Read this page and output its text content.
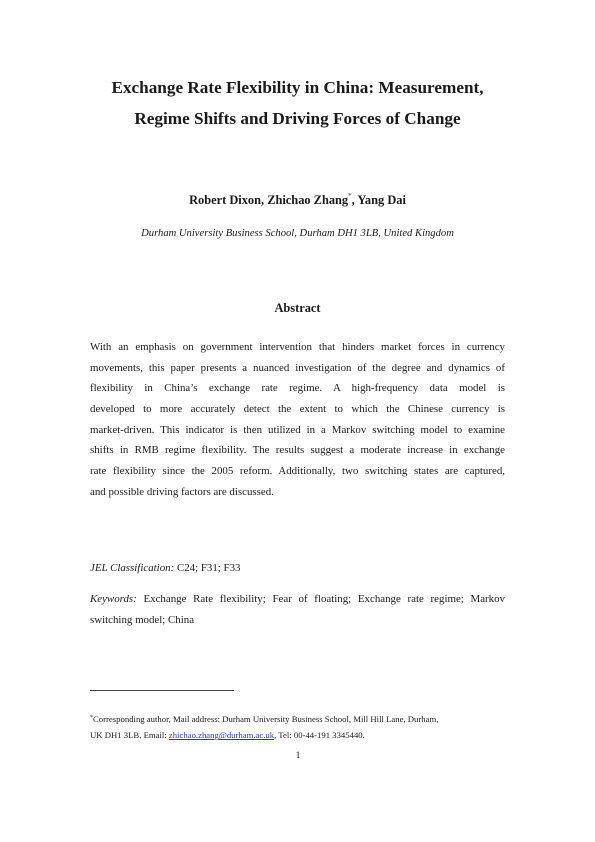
Exchange Rate Flexibility in China: Measurement,
Regime Shifts and Driving Forces of Change
Robert Dixon, Zhichao Zhang*, Yang Dai
Durham University Business School, Durham DH1 3LB, United Kingdom
Abstract
With an emphasis on government intervention that hinders market forces in currency
movements, this paper presents a nuanced investigation of the degree and dynamics of
flexibility in China’s exchange rate regime. A high-frequency data model is
developed to more accurately detect the extent to which the Chinese currency is
market-driven. This indicator is then utilized in a Markov switching model to examine
shifts in RMB regime flexibility. The results suggest a moderate increase in exchange
rate flexibility since the 2005 reform. Additionally, two switching states are captured,
and possible driving factors are discussed.
JEL Classification: C24; F31; F33
Keywords: Exchange Rate flexibility; Fear of floating; Exchange rate regime; Markov
switching model; China
*Corresponding author, Mail address: Durham University Business School, Mill Hill Lane, Durham,
UK DH1 3LB, Email: zhichao.zhang@durham.ac.uk, Tel: 00-44-191 3345440.
1
